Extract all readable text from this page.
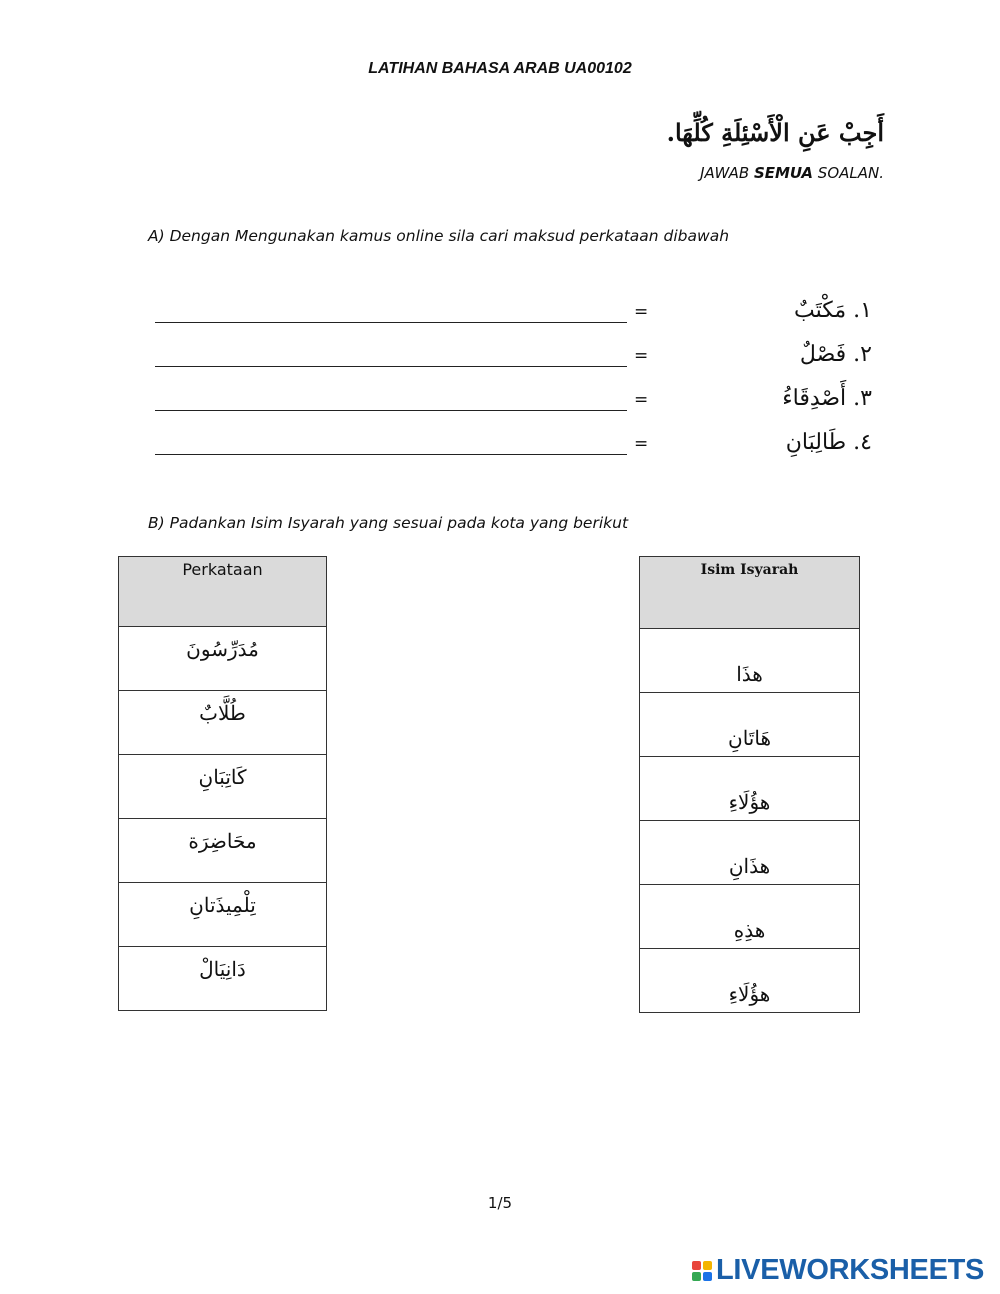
LATIHAN BAHASA ARAB UA00102
أَجِبْ عَنِ الْأَسْئِلَةِ كُلِّهَا.
JAWAB SEMUA SOALAN.
A) Dengan Mengunakan kamus online sila cari maksud perkataan dibawah
=	١. مَكْتَبٌ
=	٢. فَصْلٌ
=	٣. أَصْدِقَاءُ
=	٤. طَالِبَانِ
B) Padankan Isim Isyarah yang sesuai pada kota yang berikut
Perkataan
مُدَرِّسُونَ
طُلَّابٌ
كَاتِبَانِ
محَاضِرَة
تِلْمِيذَتانِ
دَانِيَالْ
Isim Isyarah
هذَا
هَاتَانِ
هؤُلَاءِ
هذَانِ
هذِهِ
هؤُلَاءِ
1/5
LIVEWORKSHEETS
